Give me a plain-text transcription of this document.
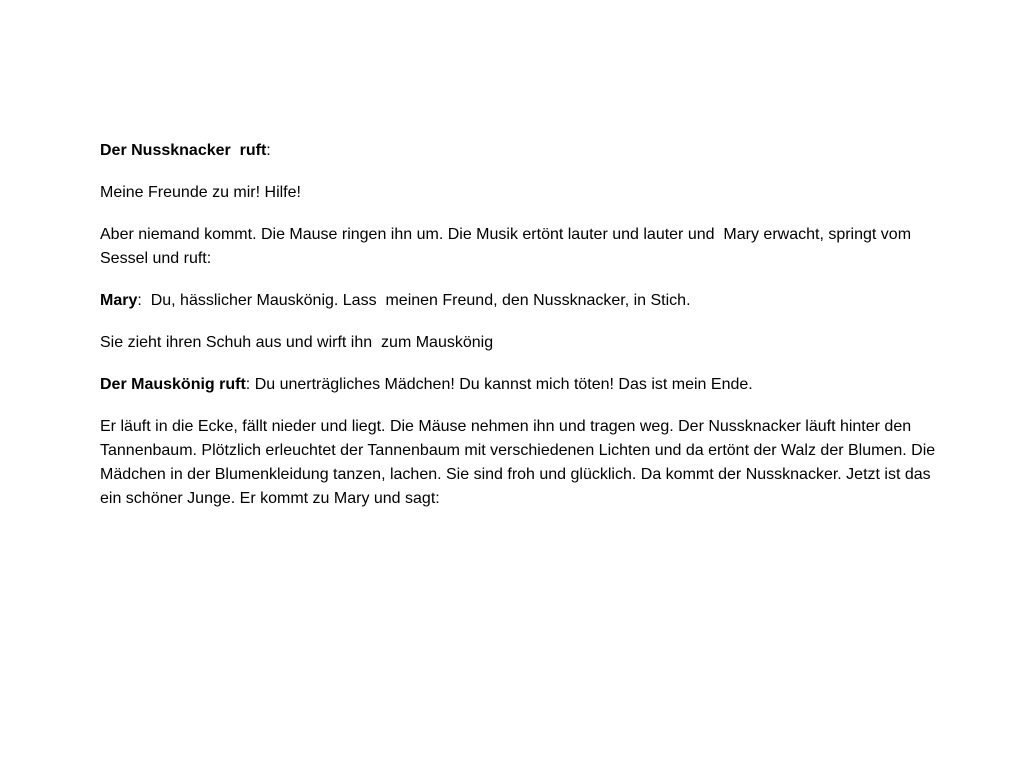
Der Nussknacker  ruft:

Meine Freunde zu mir! Hilfe!

Aber niemand kommt. Die Mause ringen ihn um. Die Musik ertönt lauter und lauter und  Mary erwacht, springt vom Sessel und ruft:

Mary:  Du, hässlicher Mauskönig. Lass  meinen Freund, den Nussknacker, in Stich.

Sie zieht ihren Schuh aus und wirft ihn  zum Mauskönig

Der Mauskönig ruft: Du unerträgliches Mädchen! Du kannst mich töten! Das ist mein Ende.

Er läuft in die Ecke, fällt nieder und liegt. Die Mäuse nehmen ihn und tragen weg. Der Nussknacker läuft hinter den Tannenbaum. Plötzlich erleuchtet der Tannenbaum mit verschiedenen Lichten und da ertönt der Walz der Blumen. Die Mädchen in der Blumenkleidung tanzen, lachen. Sie sind froh und glücklich. Da kommt der Nussknacker. Jetzt ist das ein schöner Junge. Er kommt zu Mary und sagt:
